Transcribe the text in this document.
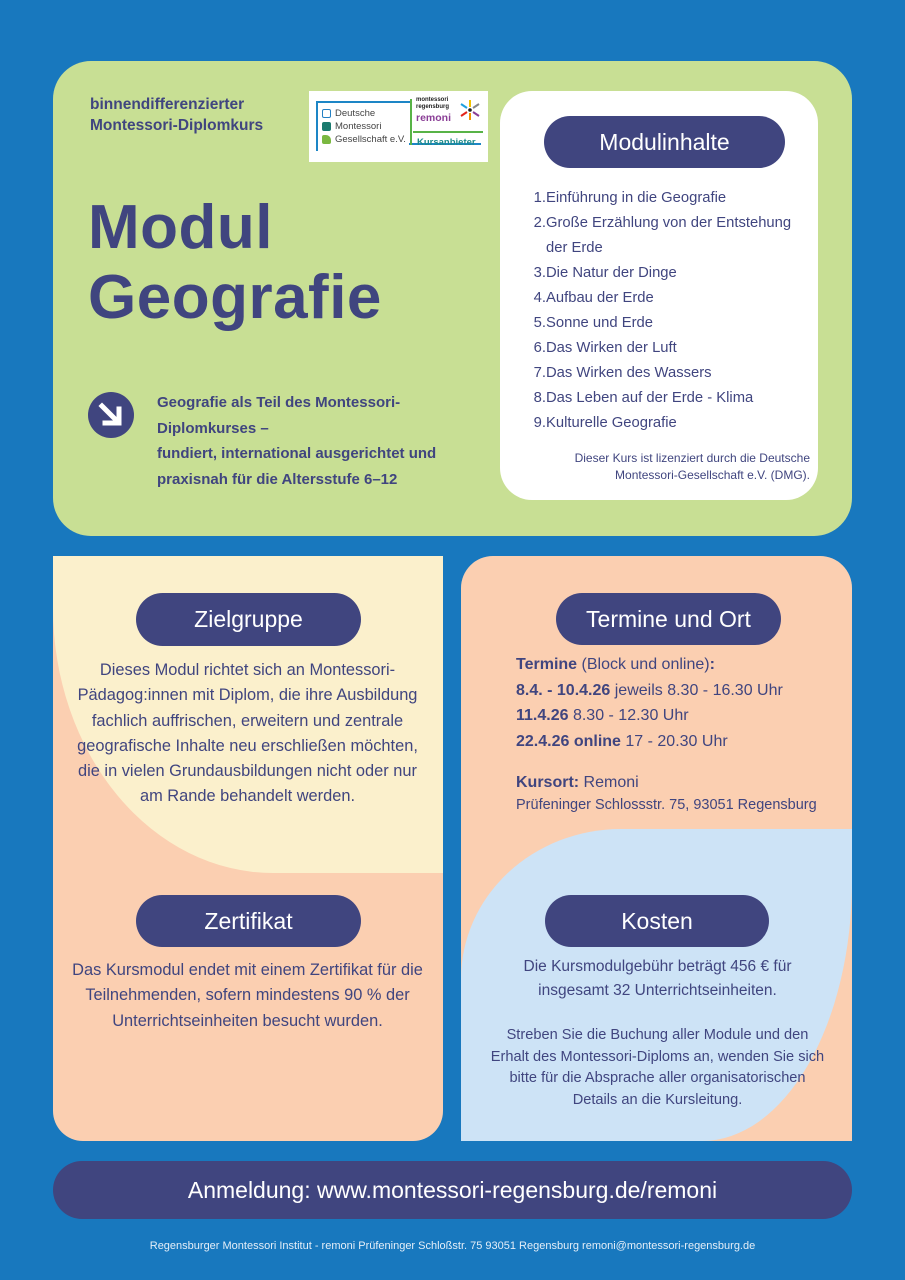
binnendifferenzierter Montessori-Diplomkurs
Deutsche
Montessori
Gesellschaft e.V.
montessori
regensburg
remoni
Kursanbieter
Modul
Geografie
Geografie als Teil des Montessori-
Diplomkurses –
fundiert, international ausgerichtet und
praxisnah für die Altersstufe 6–12
Modulinhalte
1. Einführung in die Geografie
2. Große Erzählung von der Entstehung der Erde
3. Die Natur der Dinge
4. Aufbau der Erde
5. Sonne und Erde
6. Das Wirken der Luft
7. Das Wirken des Wassers
8. Das Leben auf der Erde - Klima
9. Kulturelle Geografie
Dieser Kurs ist lizenziert durch die Deutsche Montessori-Gesellschaft e.V. (DMG).
Zielgruppe
Dieses Modul richtet sich an Montessori-Pädagog:innen mit Diplom, die ihre Ausbildung fachlich auffrischen, erweitern und zentrale geografische Inhalte neu erschließen möchten, die in vielen Grundausbildungen nicht oder nur am Rande behandelt werden.
Zertifikat
Das Kursmodul endet mit einem Zertifikat für die Teilnehmenden, sofern mindestens 90 % der Unterrichtseinheiten besucht wurden.
Termine und Ort
Termine (Block und online):
8.4. - 10.4.26 jeweils 8.30 - 16.30 Uhr
11.4.26 8.30 - 12.30 Uhr
22.4.26 online 17 - 20.30 Uhr
Kursort: Remoni
Prüfeninger Schlossstr. 75, 93051 Regensburg
Kosten
Die Kursmodulgebühr beträgt 456 € für insgesamt 32 Unterrichtseinheiten.
Streben Sie die Buchung aller Module und den Erhalt des Montessori-Diploms an, wenden Sie sich bitte für die Absprache aller organisatorischen Details an die Kursleitung.
Anmeldung: www.montessori-regensburg.de/remoni
Regensburger Montessori Institut - remoni Prüfeninger Schloßstr. 75 93051 Regensburg remoni@montessori-regensburg.de
